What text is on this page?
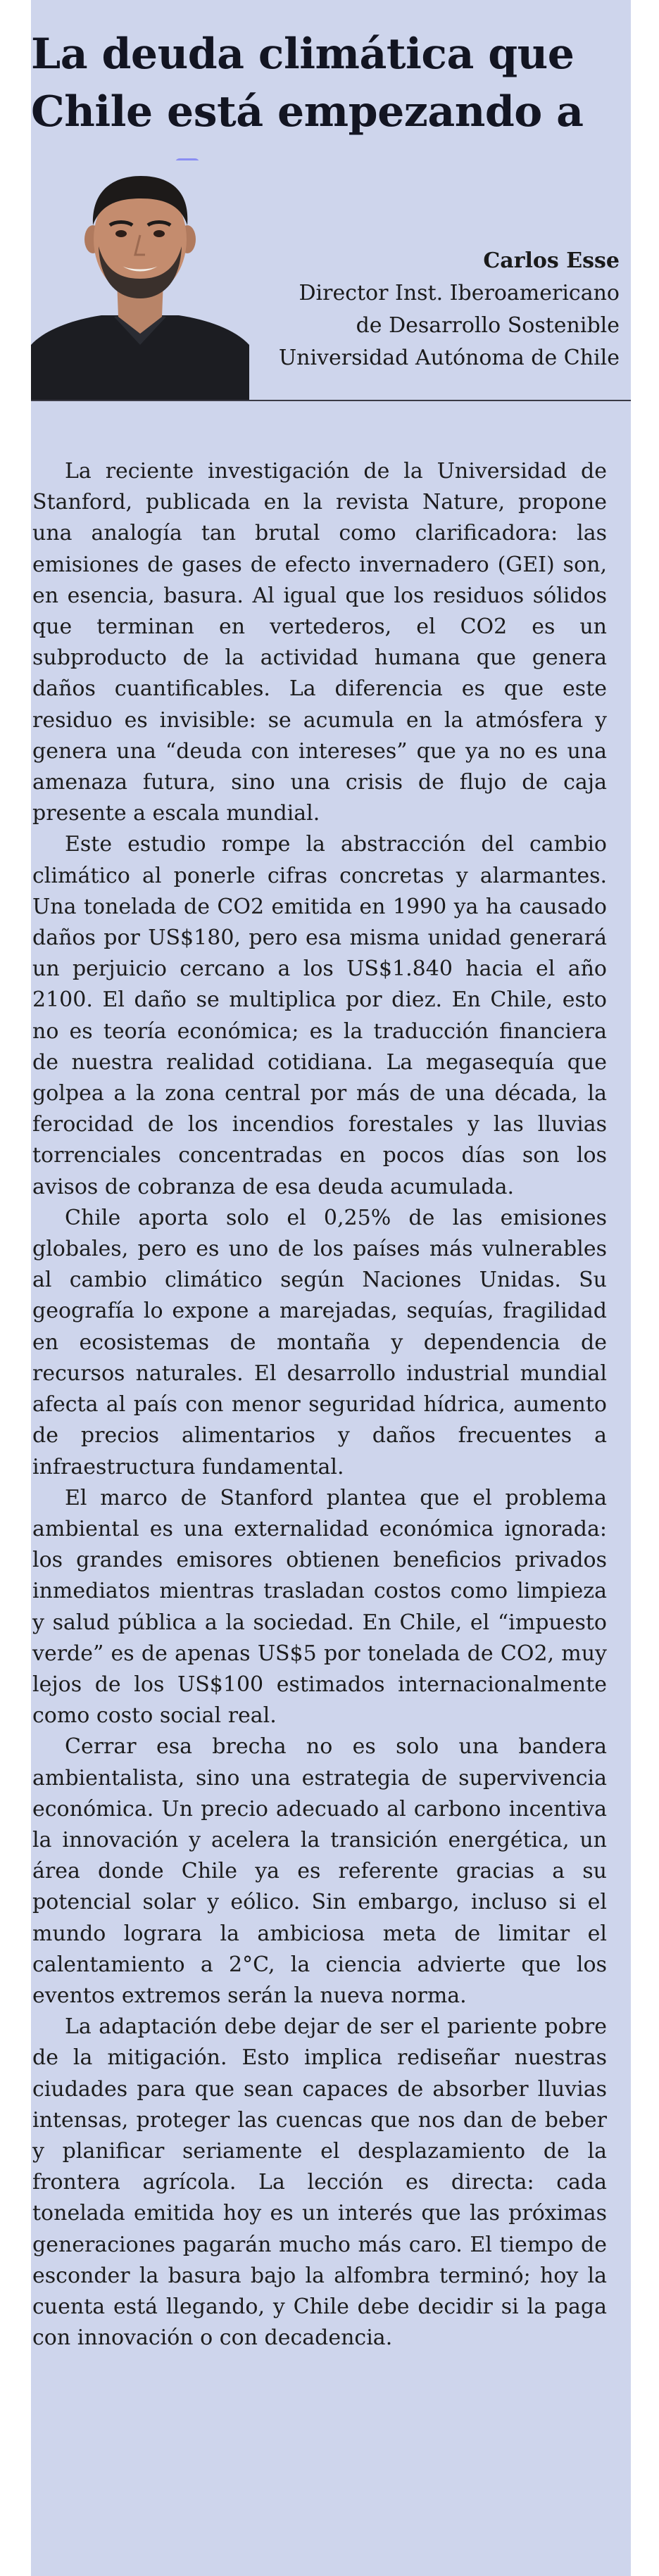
La deuda climática que Chile está empezando a
Carlos Esse
Director Inst. Iberoamericano
de Desarrollo Sostenible
Universidad Autónoma de Chile

La reciente investigación de la Universidad de Stanford, publicada en la revista Nature, propone una analogía tan brutal como clarificadora: las emisiones de gases de efecto invernadero (GEI) son, en esencia, basura. Al igual que los residuos sólidos que terminan en vertederos, el CO2 es un subproducto de la actividad humana que genera daños cuantificables. La diferencia es que este residuo es invisible: se acumula en la atmósfera y genera una “deuda con intereses” que ya no es una amenaza futura, sino una crisis de flujo de caja presente a escala mundial.

Este estudio rompe la abstracción del cambio climático al ponerle cifras concretas y alarmantes. Una tonelada de CO2 emitida en 1990 ya ha causado daños por US$180, pero esa misma unidad generará un perjuicio cercano a los US$1.840 hacia el año 2100. El daño se multiplica por diez. En Chile, esto no es teoría económica; es la traducción financiera de nuestra realidad cotidiana. La megasequía que golpea a la zona central por más de una década, la ferocidad de los incendios forestales y las lluvias torrenciales concentradas en pocos días son los avisos de cobranza de esa deuda acumulada.

Chile aporta solo el 0,25% de las emisiones globales, pero es uno de los países más vulnerables al cambio climático según Naciones Unidas. Su geografía lo expone a marejadas, sequías, fragilidad en ecosistemas de montaña y dependencia de recursos naturales. El desarrollo industrial mundial afecta al país con menor seguridad hídrica, aumento de precios alimentarios y daños frecuentes a infraestructura fundamental.

El marco de Stanford plantea que el problema ambiental es una externalidad económica ignorada: los grandes emisores obtienen beneficios privados inmediatos mientras trasladan costos como limpieza y salud pública a la sociedad. En Chile, el “impuesto verde” es de apenas US$5 por tonelada de CO2, muy lejos de los US$100 estimados internacionalmente como costo social real.

Cerrar esa brecha no es solo una bandera ambientalista, sino una estrategia de supervivencia económica. Un precio adecuado al carbono incentiva la innovación y acelera la transición energética, un área donde Chile ya es referente gracias a su potencial solar y eólico. Sin embargo, incluso si el mundo lograra la ambiciosa meta de limitar el calentamiento a 2°C, la ciencia advierte que los eventos extremos serán la nueva norma.

La adaptación debe dejar de ser el pariente pobre de la mitigación. Esto implica rediseñar nuestras ciudades para que sean capaces de absorber lluvias intensas, proteger las cuencas que nos dan de beber y planificar seriamente el desplazamiento de la frontera agrícola. La lección es directa: cada tonelada emitida hoy es un interés que las próximas generaciones pagarán mucho más caro. El tiempo de esconder la basura bajo la alfombra terminó; hoy la cuenta está llegando, y Chile debe decidir si la paga con innovación o con decadencia.
